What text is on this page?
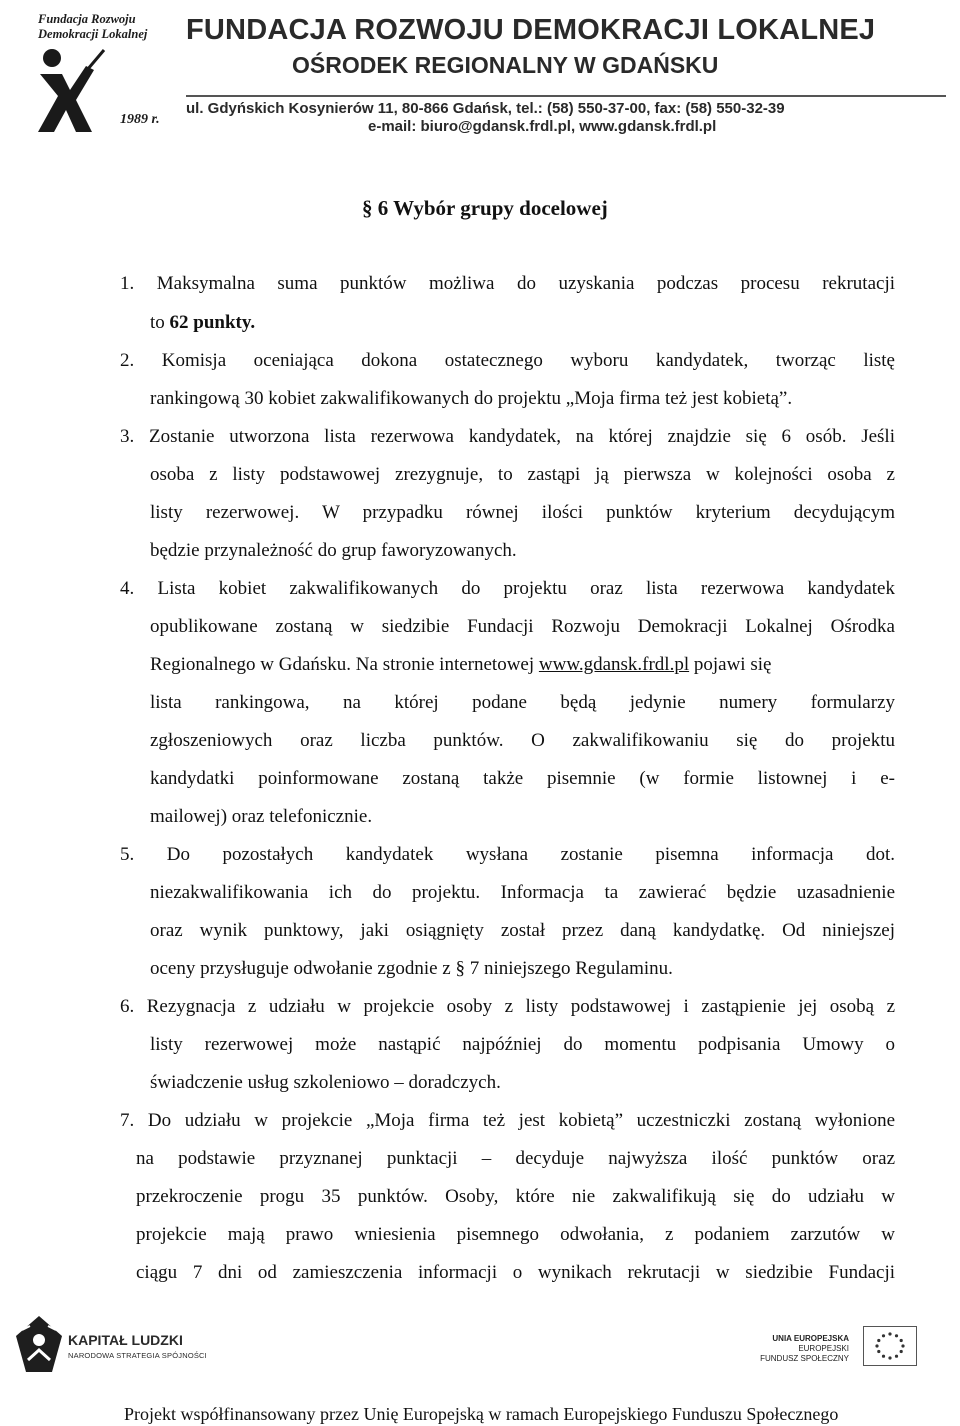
Fundacja Rozwoju
Demokracji Lokalnej
1989 r.
FUNDACJA ROZWOJU DEMOKRACJI LOKALNEJ
OŚRODEK REGIONALNY W GDAŃSKU
ul. Gdyńskich Kosynierów 11, 80-866 Gdańsk, tel.: (58) 550-37-00, fax: (58) 550-32-39
e-mail: biuro@gdansk.frdl.pl, www.gdansk.frdl.pl
§ 6 Wybór grupy docelowej
1. Maksymalna suma punktów możliwa do uzyskania podczas procesu rekrutacji
to 62 punkty.
2. Komisja oceniająca dokona ostatecznego wyboru kandydatek, tworząc listę
rankingową 30 kobiet zakwalifikowanych do projektu „Moja firma też jest kobietą”.
3. Zostanie utworzona lista rezerwowa kandydatek, na której znajdzie się 6 osób. Jeśli
osoba z listy podstawowej zrezygnuje, to zastąpi ją pierwsza w kolejności osoba z
listy rezerwowej. W przypadku równej ilości punktów kryterium decydującym
będzie przynależność do grup faworyzowanych.
4. Lista kobiet zakwalifikowanych do projektu oraz lista rezerwowa kandydatek
opublikowane zostaną w siedzibie Fundacji Rozwoju Demokracji Lokalnej Ośrodka
Regionalnego w Gdańsku. Na stronie internetowej www.gdansk.frdl.pl pojawi się
lista rankingowa, na której podane będą jedynie numery formularzy
zgłoszeniowych oraz liczba punktów. O zakwalifikowaniu się do projektu
kandydatki poinformowane zostaną także pisemnie (w formie listownej i e-
mailowej) oraz telefonicznie.
5. Do pozostałych kandydatek wysłana zostanie pisemna informacja dot.
niezakwalifikowania ich do projektu. Informacja ta zawierać będzie uzasadnienie
oraz wynik punktowy, jaki osiągnięty został przez daną kandydatkę. Od niniejszej
oceny przysługuje odwołanie zgodnie z § 7 niniejszego Regulaminu.
6. Rezygnacja z udziału w projekcie osoby z listy podstawowej i zastąpienie jej osobą z
listy rezerwowej może nastąpić najpóźniej do momentu podpisania Umowy o
świadczenie usług szkoleniowo – doradczych.
7. Do udziału w projekcie „Moja firma też jest kobietą” uczestniczki zostaną wyłonione
na podstawie przyznanej punktacji – decyduje najwyższa ilość punktów oraz
przekroczenie progu 35 punktów. Osoby, które nie zakwalifikują się do udziału w
projekcie mają prawo wniesienia pisemnego odwołania, z podaniem zarzutów w
ciągu 7 dni od zamieszczenia informacji o wynikach rekrutacji w siedzibie Fundacji
KAPITAŁ LUDZKI
NARODOWA STRATEGIA SPÓJNOŚCI
UNIA EUROPEJSKA
EUROPEJSKI
FUNDUSZ SPOŁECZNY
Projekt współfinansowany przez Unię Europejską w ramach Europejskiego Funduszu Społecznego
